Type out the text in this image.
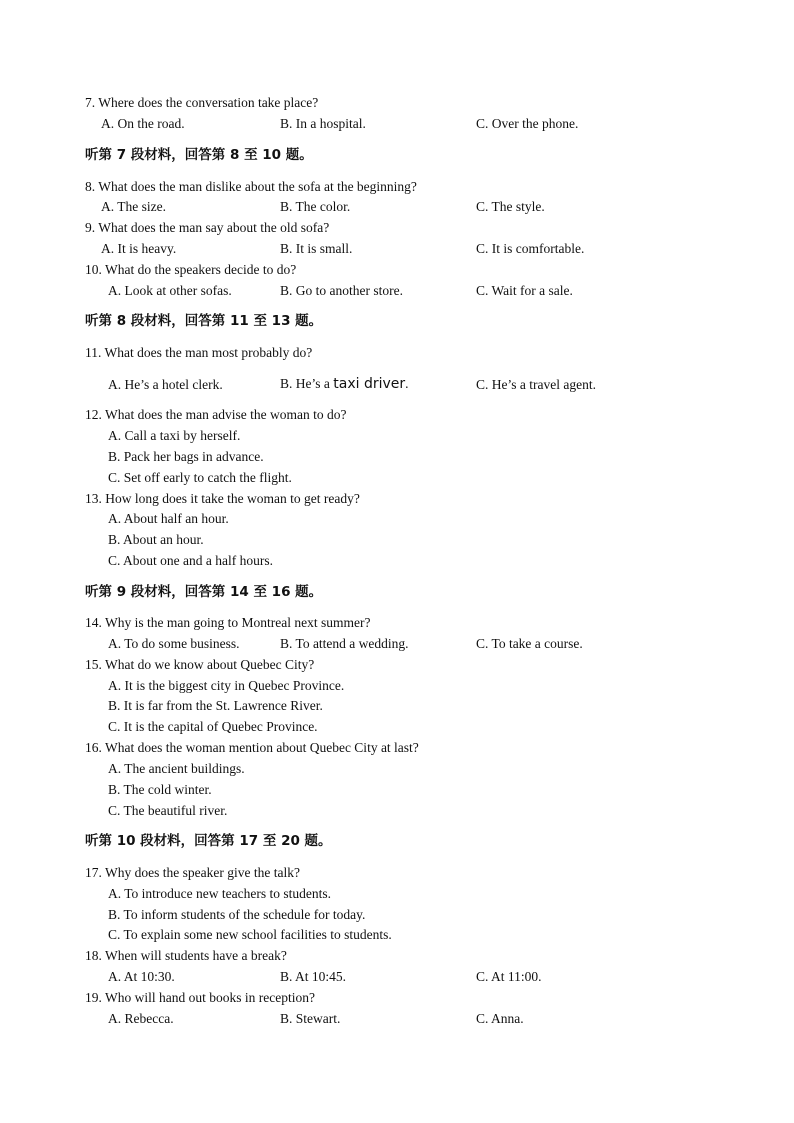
7. Where does the conversation take place?
A. On the road.	B. In a hospital.	C. Over the phone.
听第 7 段材料，回答第 8 至 10 题。
8. What does the man dislike about the sofa at the beginning?
A. The size.	B. The color.	C. The style.
9. What does the man say about the old sofa?
A. It is heavy.	B. It is small.	C. It is comfortable.
10. What do the speakers decide to do?
A. Look at other sofas.	B. Go to another store.	C. Wait for a sale.
听第 8 段材料，回答第 11 至 13 题。
11. What does the man most probably do?
A. He’s a hotel clerk.	B. He’s a taxi driver.	C. He’s a travel agent.
12. What does the man advise the woman to do?
A. Call a taxi by herself.
B. Pack her bags in advance.
C. Set off early to catch the flight.
13. How long does it take the woman to get ready?
A. About half an hour.
B. About an hour.
C. About one and a half hours.
听第 9 段材料，回答第 14 至 16 题。
14. Why is the man going to Montreal next summer?
A. To do some business.	B. To attend a wedding.	C. To take a course.
15. What do we know about Quebec City?
A. It is the biggest city in Quebec Province.
B. It is far from the St. Lawrence River.
C. It is the capital of Quebec Province.
16. What does the woman mention about Quebec City at last?
A. The ancient buildings.
B. The cold winter.
C. The beautiful river.
听第 10 段材料，回答第 17 至 20 题。
17. Why does the speaker give the talk?
A. To introduce new teachers to students.
B. To inform students of the schedule for today.
C. To explain some new school facilities to students.
18. When will students have a break?
A. At 10:30.	B. At 10:45.	C. At 11:00.
19. Who will hand out books in reception?
A. Rebecca.	B. Stewart.	C. Anna.
